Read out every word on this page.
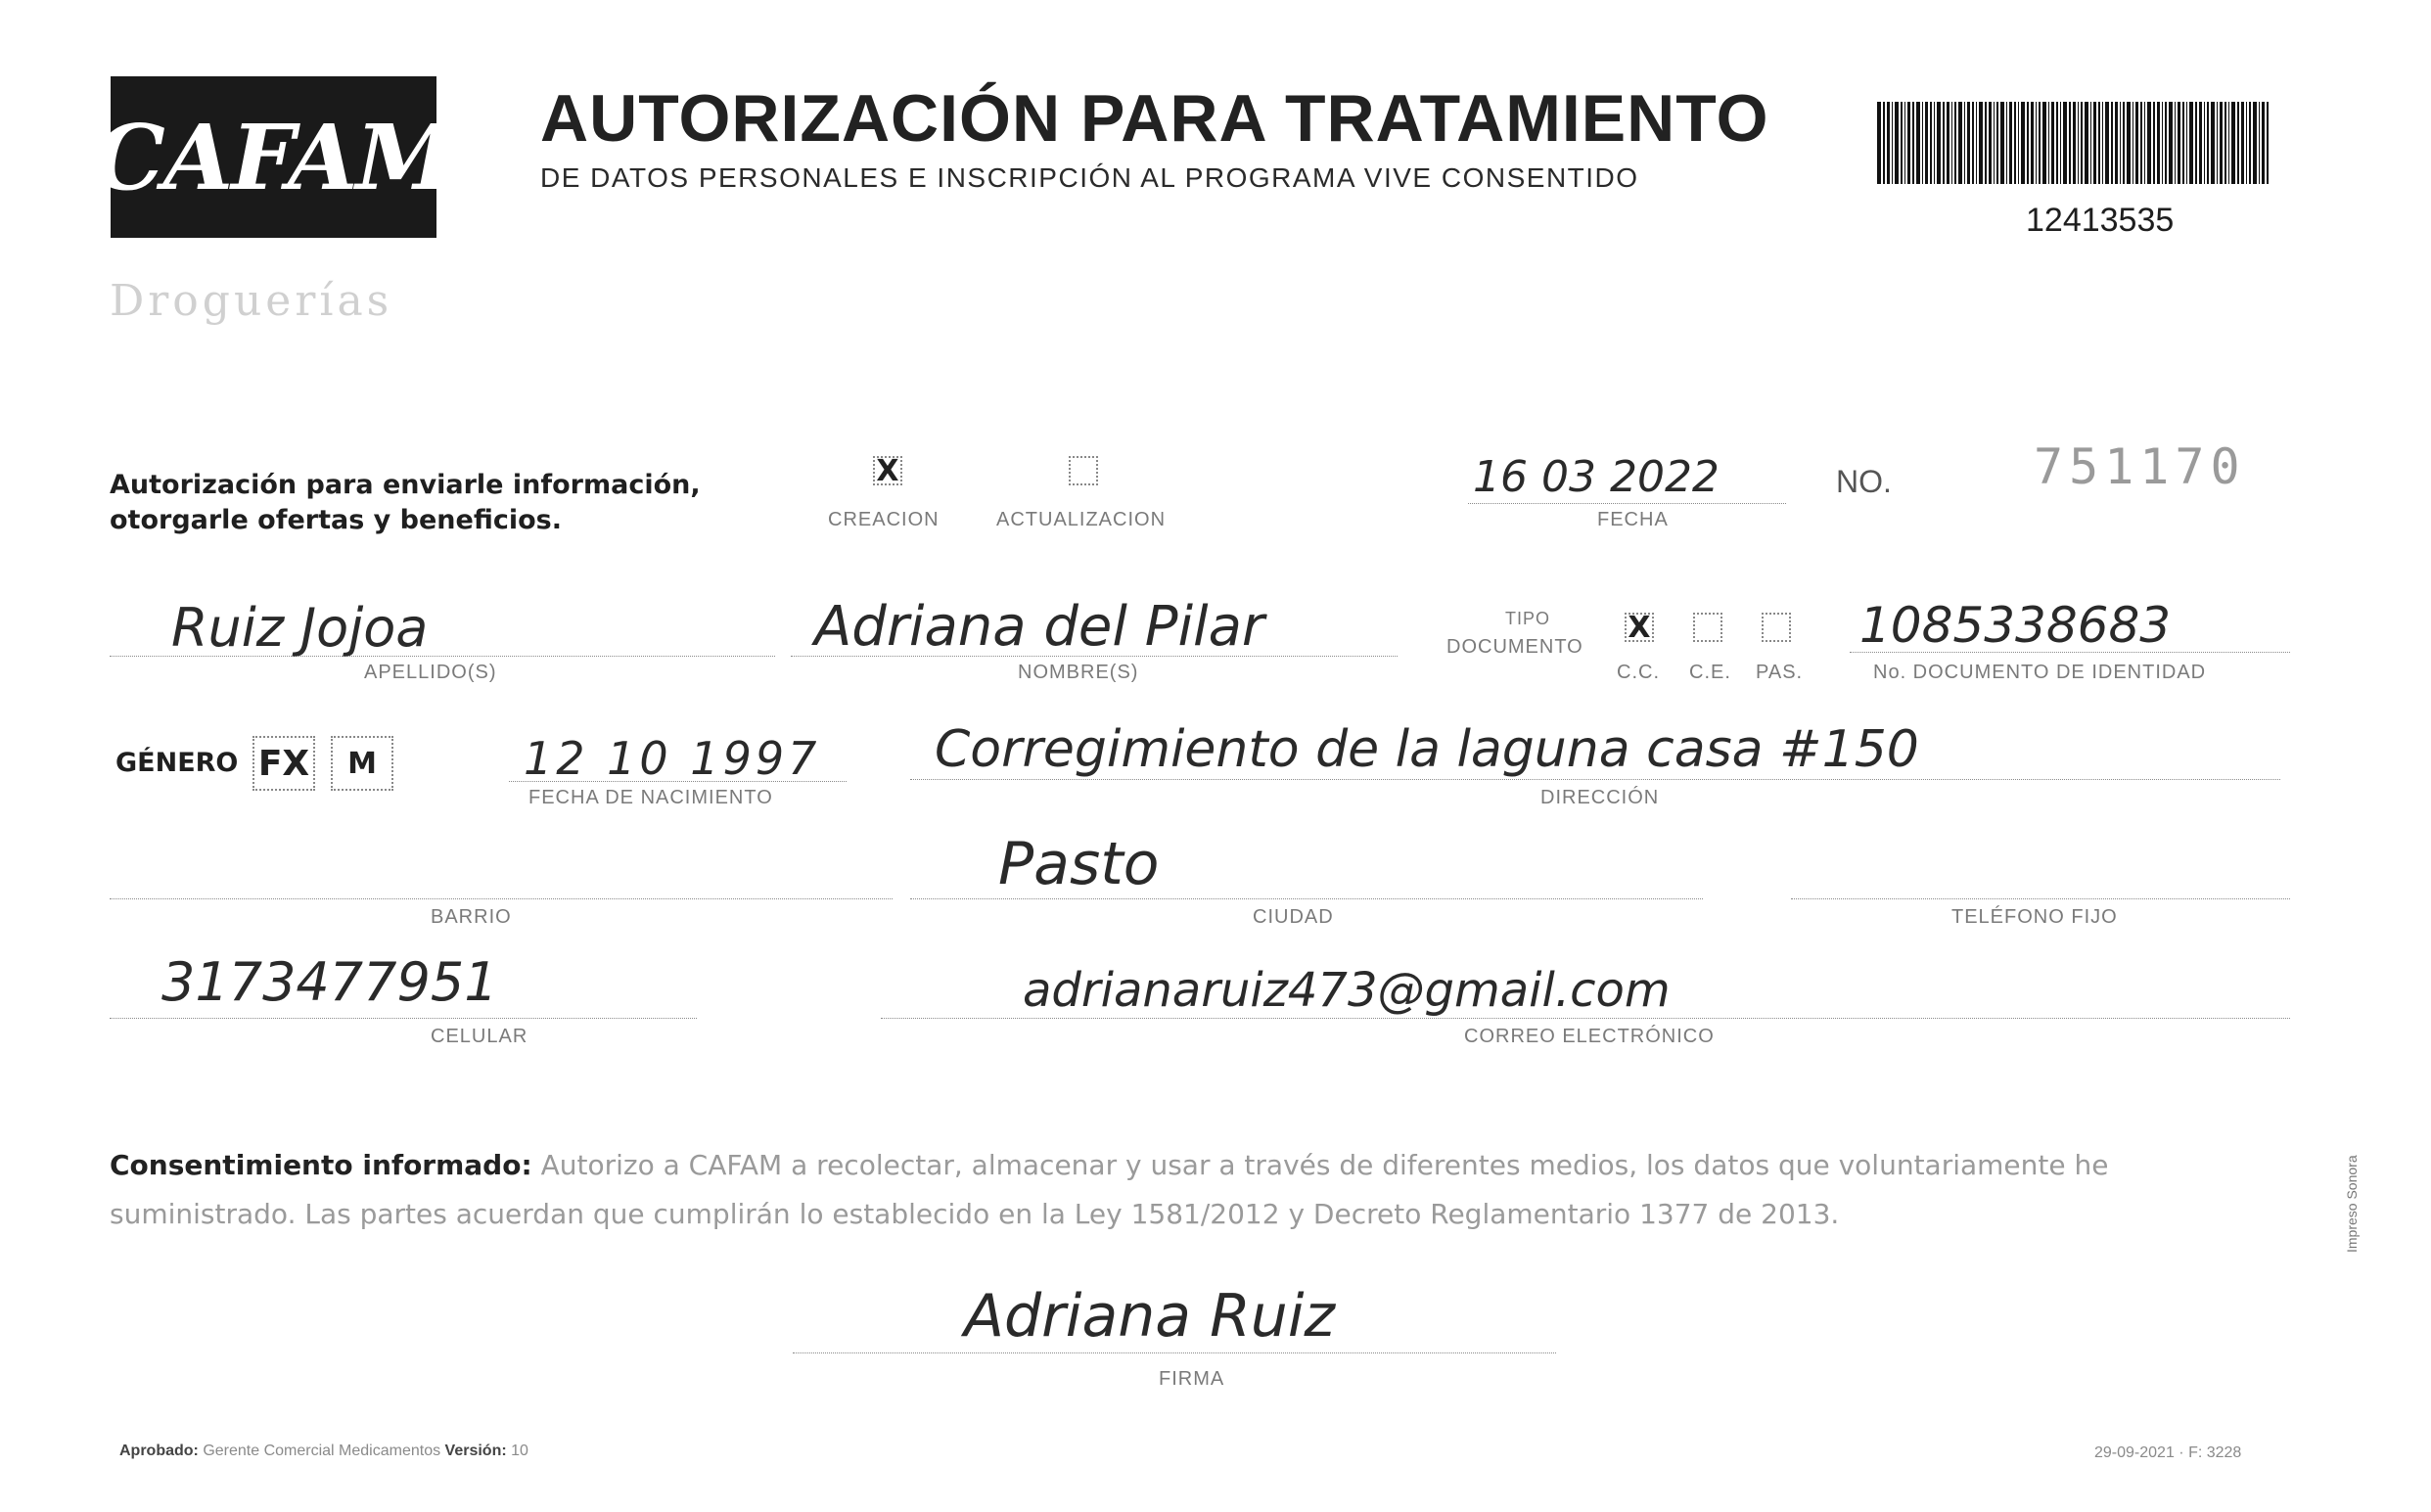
CAFAM
Droguerías
AUTORIZACIÓN PARA TRATAMIENTO
DE DATOS PERSONALES E INSCRIPCIÓN AL PROGRAMA VIVE CONSENTIDO
12413535
Autorización para enviarle información,
otorgarle ofertas y beneficios.
X
CREACION	ACTUALIZACION
16 03 2022
FECHA
NO.	751170
Ruiz Jojoa
APELLIDO(S)
Adriana del Pilar
NOMBRE(S)
TIPO
DOCUMENTO
X
C.C. C.E. PAS.
1085338683
No. DOCUMENTO DE IDENTIDAD
GÉNERO FX M	12 10 1997
FECHA DE NACIMIENTO
Corregimiento de la laguna casa #150
DIRECCIÓN
BARRIO
Pasto
CIUDAD	TELÉFONO FIJO
3173477951
CELULAR
adrianaruiz473@gmail.com
CORREO ELECTRÓNICO
Consentimiento informado: Autorizo a CAFAM a recolectar, almacenar y usar a través de diferentes medios, los datos que voluntariamente he suministrado. Las partes acuerdan que cumplirán lo establecido en la Ley 1581/2012 y Decreto Reglamentario 1377 de 2013.
Adriana Ruiz
FIRMA
Aprobado: Gerente Comercial Medicamentos Versión: 10	29-09-2021 · F: 3228
Impreso Sonora
